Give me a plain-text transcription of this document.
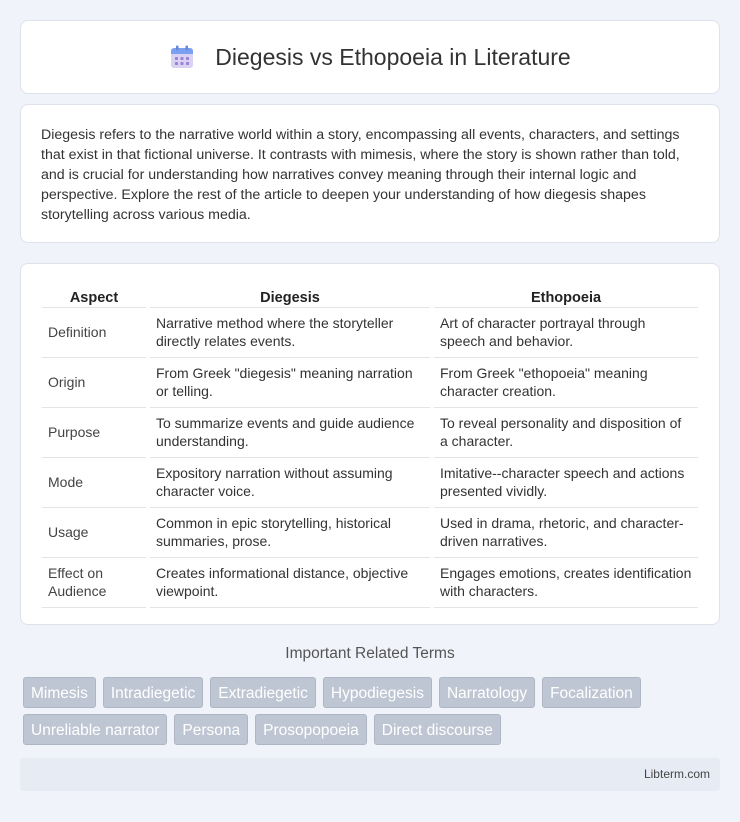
Diegesis vs Ethopoeia in Literature

Diegesis refers to the narrative world within a story, encompassing all events, characters, and settings that exist in that fictional universe. It contrasts with mimesis, where the story is shown rather than told, and is crucial for understanding how narratives convey meaning through their internal logic and perspective. Explore the rest of the article to deepen your understanding of how diegesis shapes storytelling across various media.

Aspect	Diegesis	Ethopoeia
Definition	Narrative method where the storyteller directly relates events.	Art of character portrayal through speech and behavior.
Origin	From Greek "diegesis" meaning narration or telling.	From Greek "ethopoeia" meaning character creation.
Purpose	To summarize events and guide audience understanding.	To reveal personality and disposition of a character.
Mode	Expository narration without assuming character voice.	Imitative--character speech and actions presented vividly.
Usage	Common in epic storytelling, historical summaries, prose.	Used in drama, rhetoric, and character-driven narratives.
Effect on Audience	Creates informational distance, objective viewpoint.	Engages emotions, creates identification with characters.
Important Related Terms
Mimesis	Intradiegetic	Extradiegetic	Hypodiegesis	Narratology	Focalization
Unreliable narrator	Persona	Prosopopoeia	Direct discourse
Libterm.com
